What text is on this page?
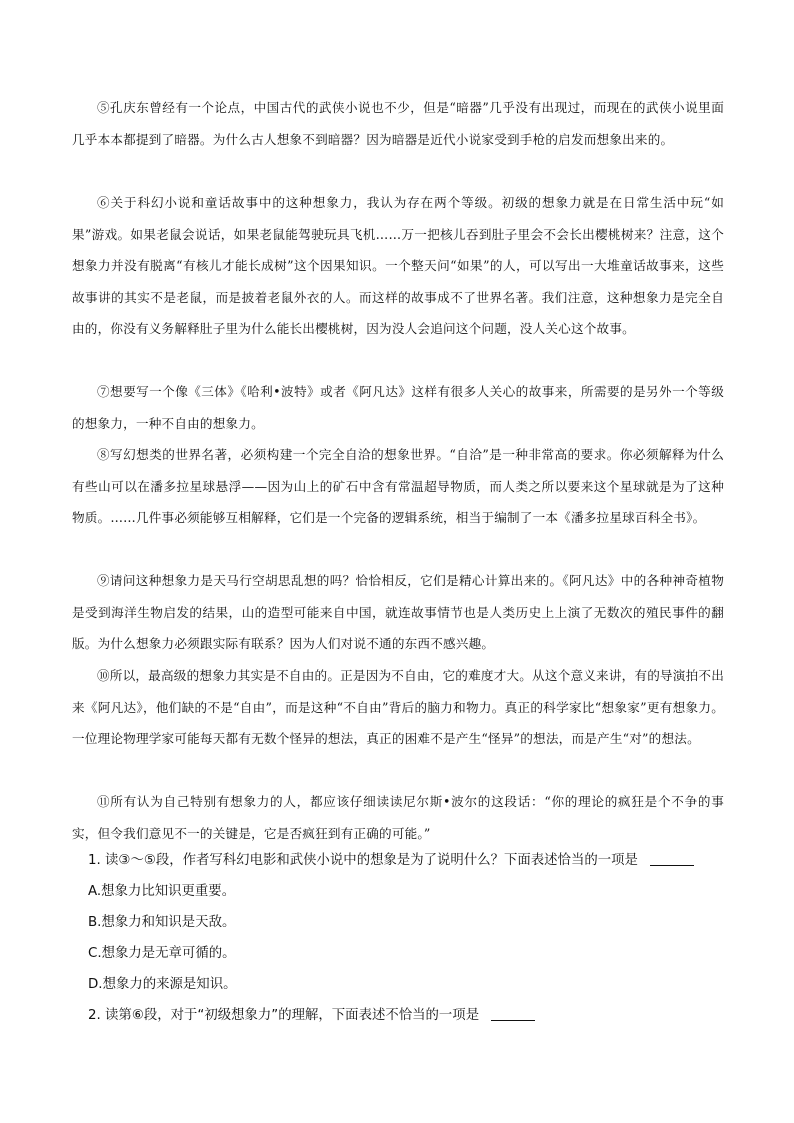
⑤孔庆东曾经有一个论点，中国古代的武侠小说也不少，但是“暗器”几乎没有出现过，而现在的武侠小说里面几乎本本都提到了暗器。为什么古人想象不到暗器？因为暗器是近代小说家受到手枪的启发而想象出来的。

⑥关于科幻小说和童话故事中的这种想象力，我认为存在两个等级。初级的想象力就是在日常生活中玩“如果”游戏。如果老鼠会说话，如果老鼠能驾驶玩具飞机……万一把核儿吞到肚子里会不会长出樱桃树来？注意，这个想象力并没有脱离“有核儿才能长成树”这个因果知识。一个整天问“如果”的人，可以写出一大堆童话故事来，这些故事讲的其实不是老鼠，而是披着老鼠外衣的人。而这样的故事成不了世界名著。我们注意，这种想象力是完全自由的，你没有义务解释肚子里为什么能长出樱桃树，因为没人会追问这个问题，没人关心这个故事。

⑦想要写一个像《三体》《哈利•波特》或者《阿凡达》这样有很多人关心的故事来，所需要的是另外一个等级的想象力，一种不自由的想象力。

⑧写幻想类的世界名著，必须构建一个完全自洽的想象世界。“自洽”是一种非常高的要求。你必须解释为什么有些山可以在潘多拉星球悬浮——因为山上的矿石中含有常温超导物质，而人类之所以要来这个星球就是为了这种物质。……几件事必须能够互相解释，它们是一个完备的逻辑系统，相当于编制了一本《潘多拉星球百科全书》。

⑨请问这种想象力是天马行空胡思乱想的吗？恰恰相反，它们是精心计算出来的。《阿凡达》中的各种神奇植物是受到海洋生物启发的结果，山的造型可能来自中国，就连故事情节也是人类历史上上演了无数次的殖民事件的翻版。为什么想象力必须跟实际有联系？因为人们对说不通的东西不感兴趣。

⑩所以，最高级的想象力其实是不自由的。正是因为不自由，它的难度才大。从这个意义来讲，有的导演拍不出来《阿凡达》，他们缺的不是“自由”，而是这种“不自由”背后的脑力和物力。真正的科学家比“想象家”更有想象力。一位理论物理学家可能每天都有无数个怪异的想法，真正的困难不是产生“怪异”的想法，而是产生“对”的想法。

⑪所有认为自己特别有想象力的人，都应该仔细读读尼尔斯•波尔的这段话：“你的理论的疯狂是个不争的事实，但令我们意见不一的关键是，它是否疯狂到有正确的可能。”

1. 读③～⑤段，作者写科幻电影和武侠小说中的想象是为了说明什么？下面表述恰当的一项是

A.想象力比知识更重要。

B.想象力和知识是天敌。

C.想象力是无章可循的。

D.想象力的来源是知识。

2. 读第⑥段，对于“初级想象力”的理解，下面表述不恰当的一项是
